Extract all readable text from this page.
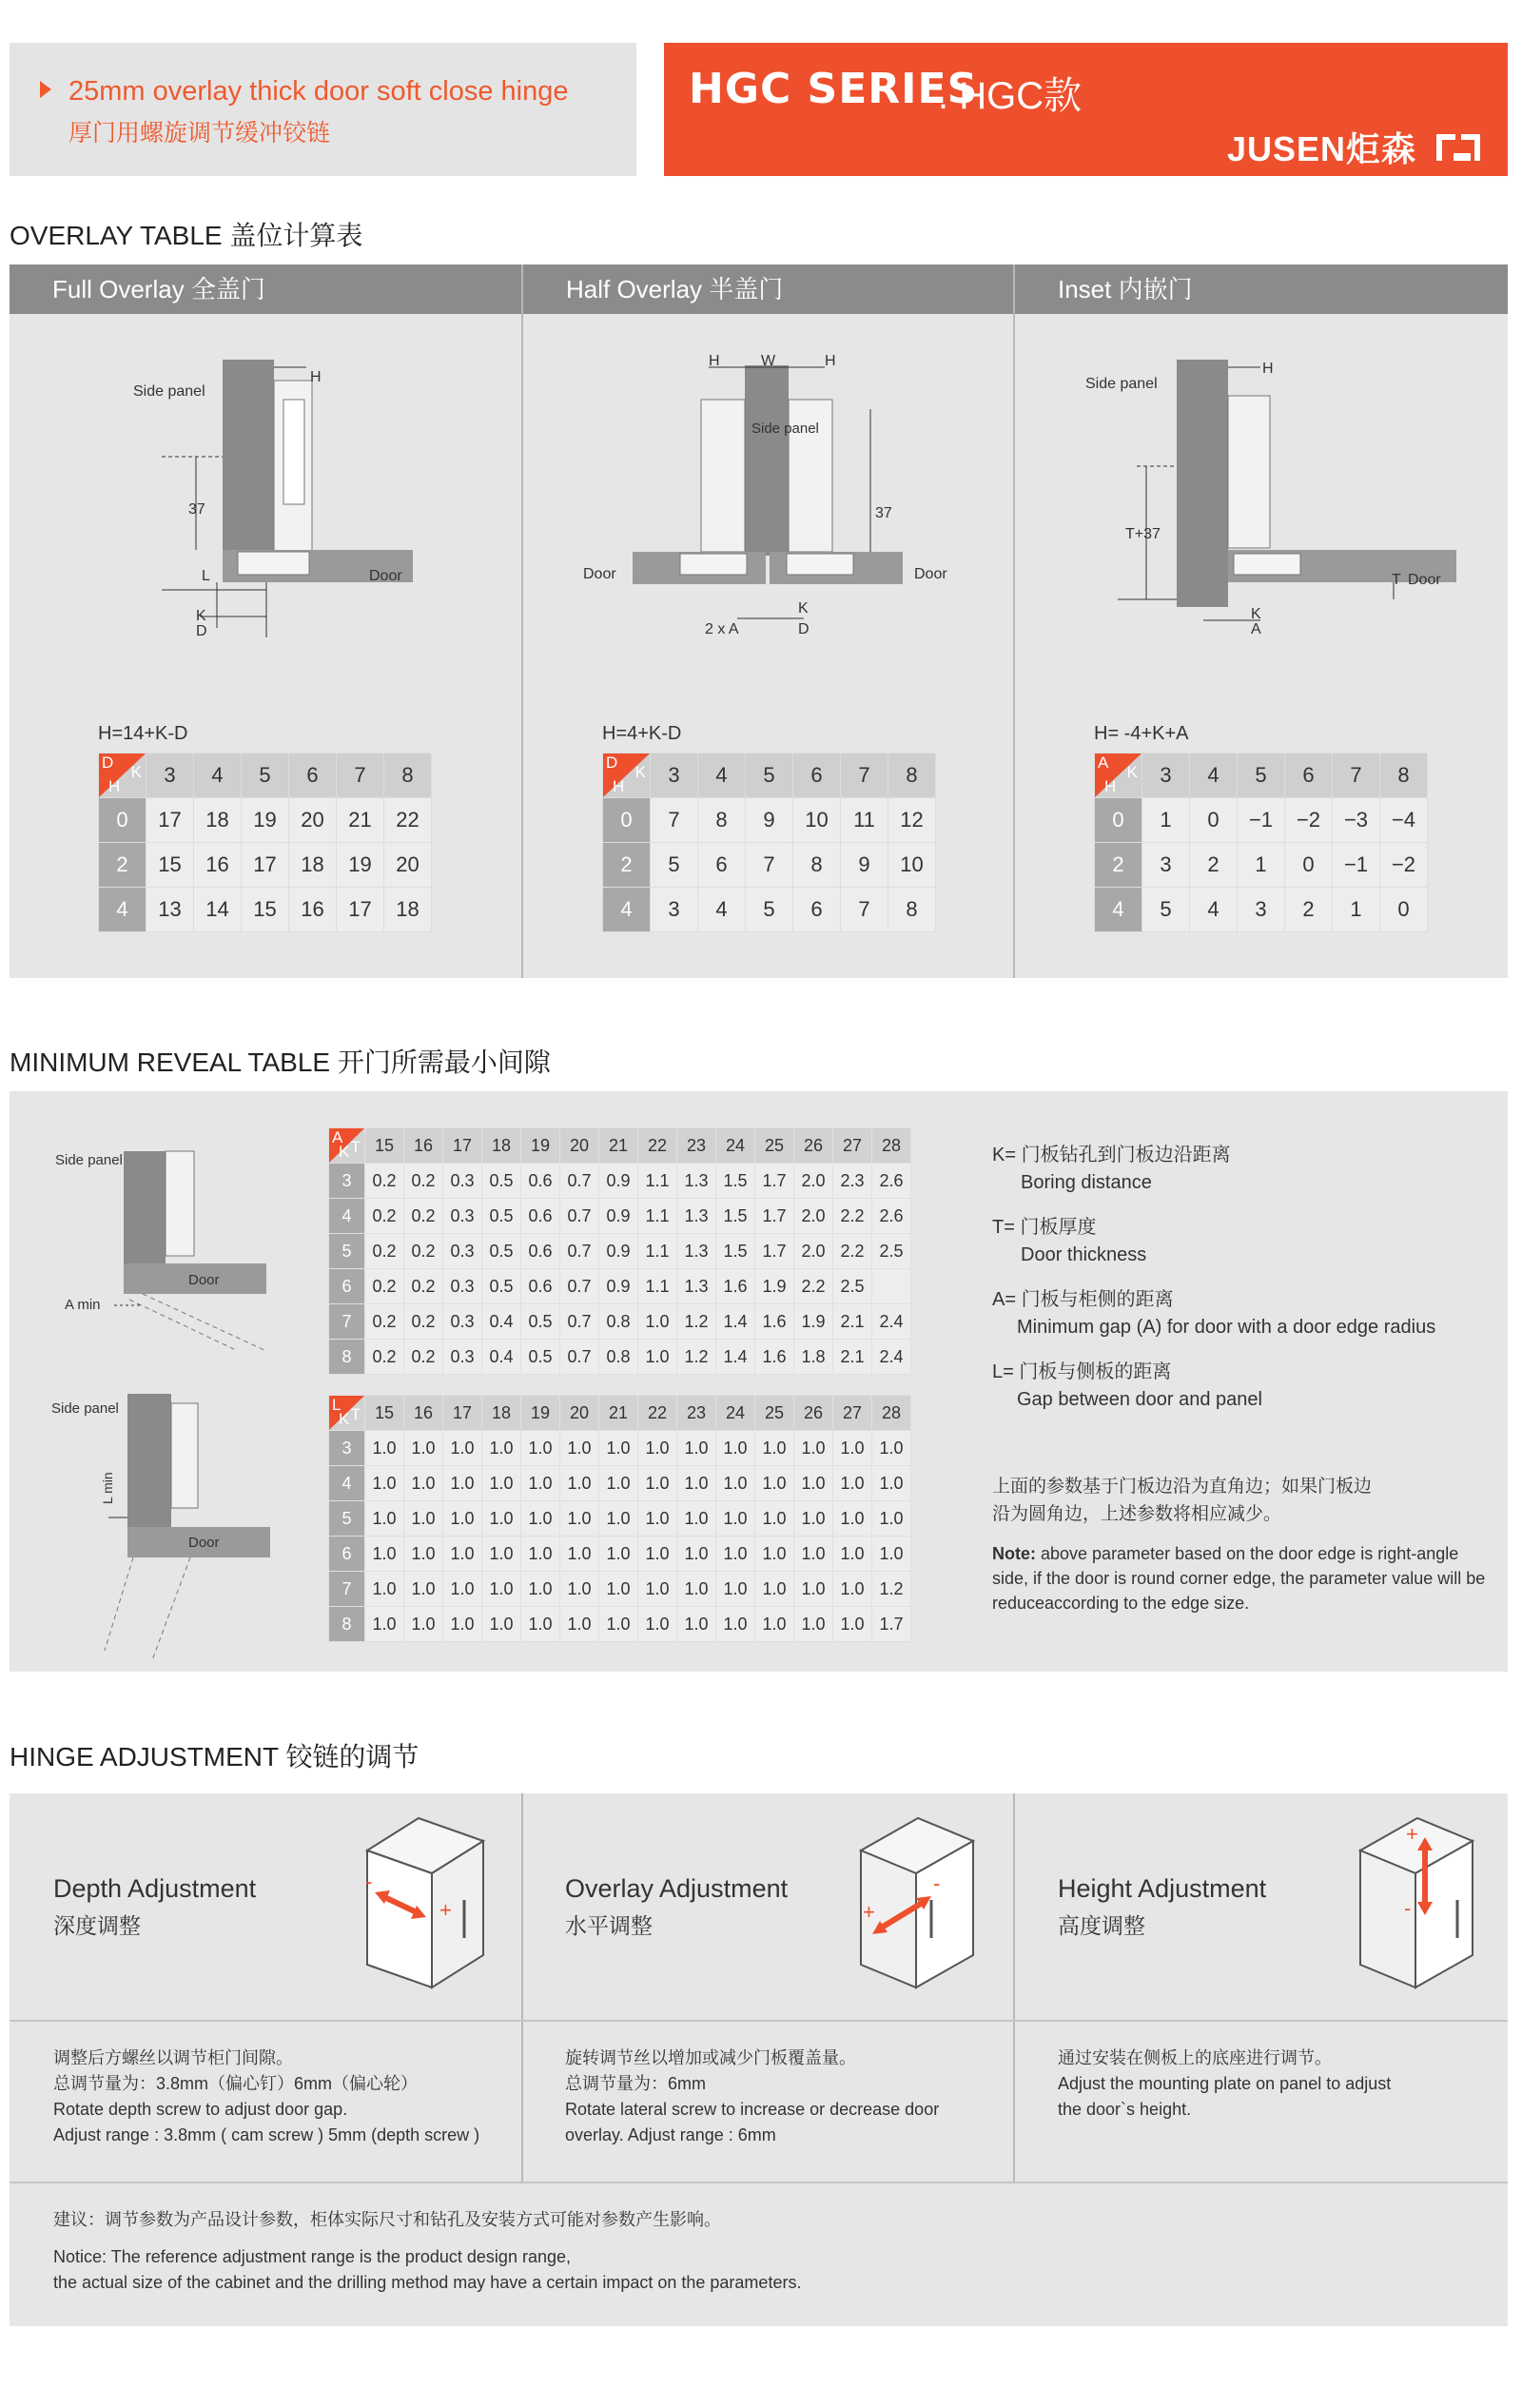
25mm overlay thick door soft close hinge
厚门用螺旋调节缓冲铰链
HGC SERIES
. HGC款
JUSEN炬森
OVERLAY TABLE 盖位计算表
Full Overlay 全盖门	Half Overlay 半盖门	Inset 内嵌门
Side panel
H
37
L	Door
K
D
H	W	H
Side panel
37
Door	Door
K
2 x A	D
Side panel
H
T+37
T Door
K
A
H=14+K-D	H=4+K-D	H= -4+K+A
D
K
H	3	4	5	6	7	8
0	17	18	19	20	21	22
2	15	16	17	18	19	20
4	13	14	15	16	17	18
D
K
H	3	4	5	6	7	8
0	7	8	9	10	11	12
2	5	6	7	8	9	10
4	3	4	5	6	7	8
A
K
H	3	4	5	6	7	8
0	1	0	−1	−2	−3	−4
2	3	2	1	0	−1	−2
4	5	4	3	2	1	0
MINIMUM REVEAL TABLE 开门所需最小间隙
Side panel
Door
A min
Side panel
Door
L min
A
T
K	15	16	17	18	19	20	21	22	23	24	25	26	27	28
3	0.2	0.2	0.3	0.5	0.6	0.7	0.9	1.1	1.3	1.5	1.7	2.0	2.3	2.6
4	0.2	0.2	0.3	0.5	0.6	0.7	0.9	1.1	1.3	1.5	1.7	2.0	2.2	2.6
5	0.2	0.2	0.3	0.5	0.6	0.7	0.9	1.1	1.3	1.5	1.7	2.0	2.2	2.5
6	0.2	0.2	0.3	0.5	0.6	0.7	0.9	1.1	1.3	1.6	1.9	2.2	2.5	
7	0.2	0.2	0.3	0.4	0.5	0.7	0.8	1.0	1.2	1.4	1.6	1.9	2.1	2.4
8	0.2	0.2	0.3	0.4	0.5	0.7	0.8	1.0	1.2	1.4	1.6	1.8	2.1	2.4
L
T
K	15	16	17	18	19	20	21	22	23	24	25	26	27	28
3	1.0	1.0	1.0	1.0	1.0	1.0	1.0	1.0	1.0	1.0	1.0	1.0	1.0	1.0
4	1.0	1.0	1.0	1.0	1.0	1.0	1.0	1.0	1.0	1.0	1.0	1.0	1.0	1.0
5	1.0	1.0	1.0	1.0	1.0	1.0	1.0	1.0	1.0	1.0	1.0	1.0	1.0	1.0
6	1.0	1.0	1.0	1.0	1.0	1.0	1.0	1.0	1.0	1.0	1.0	1.0	1.0	1.0
7	1.0	1.0	1.0	1.0	1.0	1.0	1.0	1.0	1.0	1.0	1.0	1.0	1.0	1.2
8	1.0	1.0	1.0	1.0	1.0	1.0	1.0	1.0	1.0	1.0	1.0	1.0	1.0	1.7
K= 门板钻孔到门板边沿距离
Boring distance
T= 门板厚度
Door thickness
A= 门板与柜侧的距离
Minimum gap (A) for door with a door edge radius
L= 门板与侧板的距离
Gap between door and panel
上面的参数基于门板边沿为直角边；如果门板边
沿为圆角边，上述参数将相应减少。
Note: above parameter based on the door edge is right-angle side, if the door is round corner edge, the parameter value will be reduceaccording to the edge size.
HINGE ADJUSTMENT 铰链的调节
Depth Adjustment
深度调整
Overlay Adjustment
水平调整
Height Adjustment
高度调整
-
+	+
-
+
-
调整后方螺丝以调节柜门间隙。
总调节量为：3.8mm（偏心钉）6mm（偏心轮）
Rotate depth screw to adjust door gap.
Adjust range : 3.8mm ( cam screw ) 5mm (depth screw )
旋转调节丝以增加或减少门板覆盖量。
总调节量为：6mm
Rotate lateral screw to increase or decrease door
overlay. Adjust range : 6mm
通过安装在侧板上的底座进行调节。
Adjust the mounting plate on panel to adjust
the door`s height.
建议：调节参数为产品设计参数，柜体实际尺寸和钻孔及安装方式可能对参数产生影响。
Notice: The reference adjustment range is the product design range,
the actual size of the cabinet and the drilling method may have a certain impact on the parameters.
